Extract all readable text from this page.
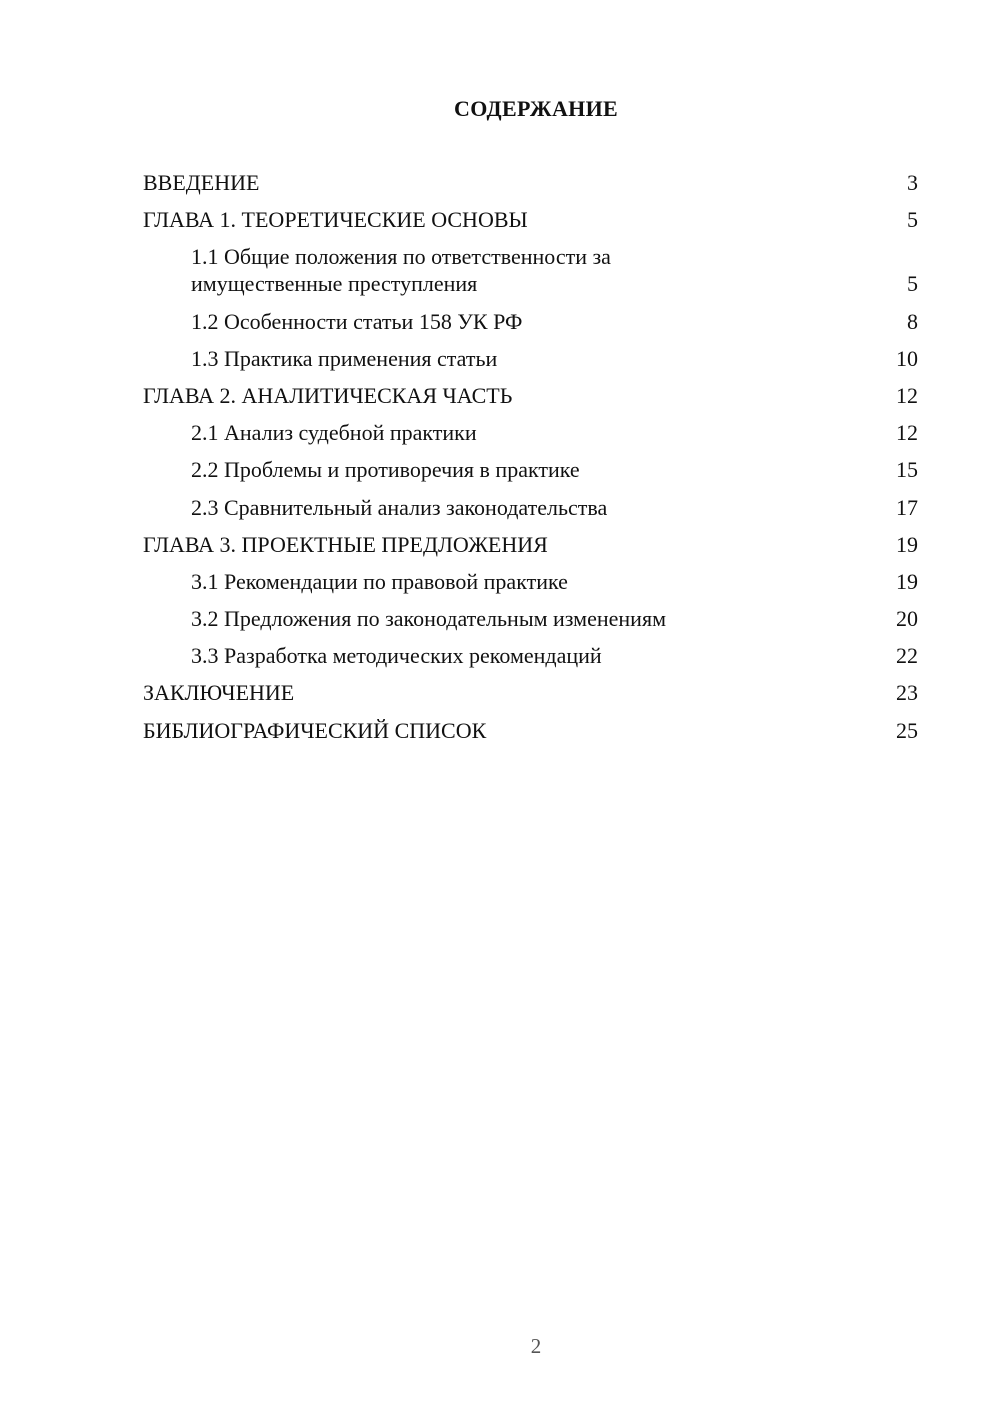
СОДЕРЖАНИЕ
ВВЕДЕНИЕ	3
ГЛАВА 1. ТЕОРЕТИЧЕСКИЕ ОСНОВЫ	5
1.1 Общие положения по ответственности за имущественные преступления	5
1.2 Особенности статьи 158 УК РФ	8
1.3 Практика применения статьи	10
ГЛАВА 2. АНАЛИТИЧЕСКАЯ ЧАСТЬ	12
2.1 Анализ судебной практики	12
2.2 Проблемы и противоречия в практике	15
2.3 Сравнительный анализ законодательства	17
ГЛАВА 3. ПРОЕКТНЫЕ ПРЕДЛОЖЕНИЯ	19
3.1 Рекомендации по правовой практике	19
3.2 Предложения по законодательным изменениям	20
3.3 Разработка методических рекомендаций	22
ЗАКЛЮЧЕНИЕ	23
БИБЛИОГРАФИЧЕСКИЙ СПИСОК	25
2
